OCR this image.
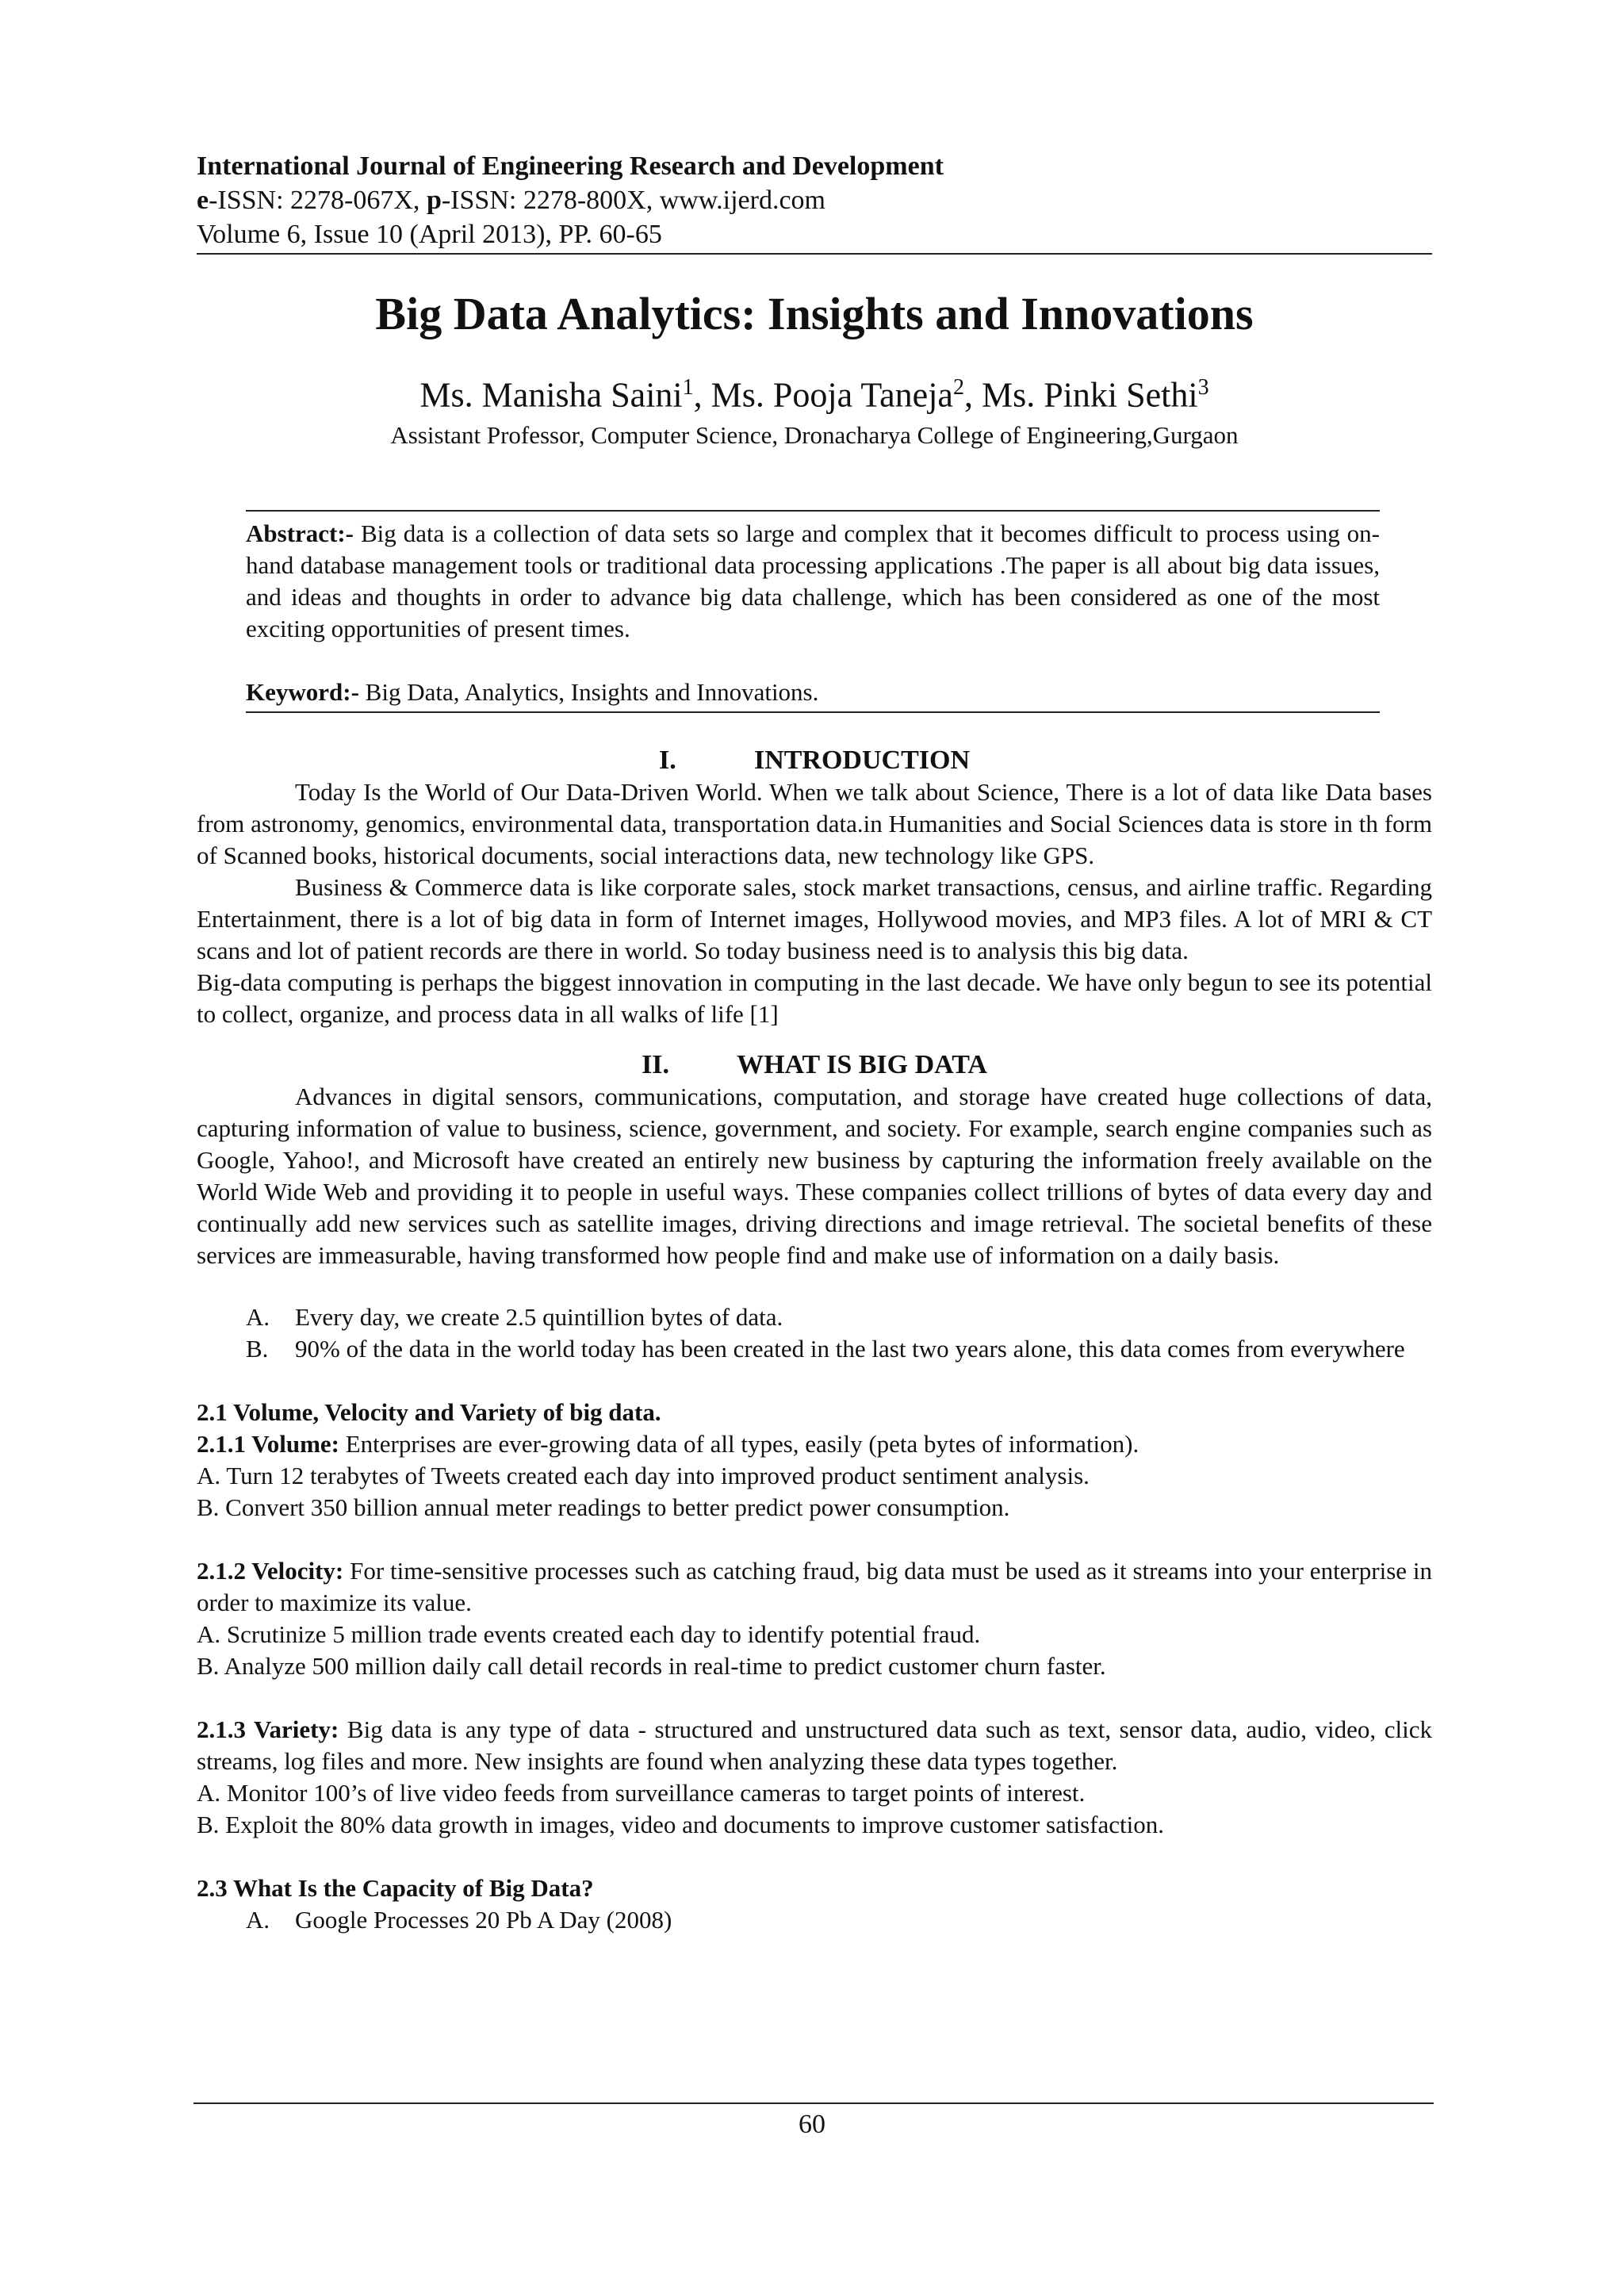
International Journal of Engineering Research and Development
e-ISSN: 2278-067X, p-ISSN: 2278-800X, www.ijerd.com
Volume 6, Issue 10 (April 2013), PP. 60-65
Big Data Analytics: Insights and Innovations
Ms. Manisha Saini$^1$, Ms. Pooja Taneja$^2$, Ms. Pinki Sethi$^3$
Assistant Professor, Computer Science, Dronacharya College of Engineering,Gurgaon

Abstract:- Big data is a collection of data sets so large and complex that it becomes difficult to process using on-hand database management tools or traditional data processing applications .The paper is all about big data issues, and ideas and thoughts in order to advance big data challenge, which has been considered as one of the most exciting opportunities of present times.

Keyword:- Big Data, Analytics, Insights and Innovations.

I.	INTRODUCTION

Today Is the World of Our Data-Driven World. When we talk about Science, There is a lot of data like Data bases from astronomy, genomics, environmental data, transportation data.in Humanities and Social Sciences data is store in th form of Scanned books, historical documents, social interactions data, new technology like GPS.

Business & Commerce data is like corporate sales, stock market transactions, census, and airline traffic. Regarding Entertainment, there is a lot of big data in form of Internet images, Hollywood movies, and MP3 files. A lot of MRI & CT scans and lot of patient records are there in world. So today business need is to analysis this big data.

Big-data computing is perhaps the biggest innovation in computing in the last decade. We have only begun to see its potential to collect, organize, and process data in all walks of life [1]

II.	WHAT IS BIG DATA

Advances in digital sensors, communications, computation, and storage have created huge collections of data, capturing information of value to business, science, government, and society. For example, search engine companies such as Google, Yahoo!, and Microsoft have created an entirely new business by capturing the information freely available on the World Wide Web and providing it to people in useful ways. These companies collect trillions of bytes of data every day and continually add new services such as satellite images, driving directions and image retrieval. The societal benefits of these services are immeasurable, having transformed how people find and make use of information on a daily basis.

A. Every day, we create 2.5 quintillion bytes of data.
B. 90% of the data in the world today has been created in the last two years alone, this data comes from everywhere

2.1 Volume, Velocity and Variety of big data.

2.1.1 Volume: Enterprises are ever-growing data of all types, easily (peta bytes of information).

A. Turn 12 terabytes of Tweets created each day into improved product sentiment analysis.

B. Convert 350 billion annual meter readings to better predict power consumption.

2.1.2 Velocity: For time-sensitive processes such as catching fraud, big data must be used as it streams into your enterprise in order to maximize its value.

A. Scrutinize 5 million trade events created each day to identify potential fraud.

B. Analyze 500 million daily call detail records in real-time to predict customer churn faster.

2.1.3 Variety: Big data is any type of data - structured and unstructured data such as text, sensor data, audio, video, click streams, log files and more. New insights are found when analyzing these data types together.

A. Monitor 100’s of live video feeds from surveillance cameras to target points of interest.

B. Exploit the 80% data growth in images, video and documents to improve customer satisfaction.

2.3 What Is the Capacity of Big Data?

A. Google Processes 20 Pb A Day (2008)
60
